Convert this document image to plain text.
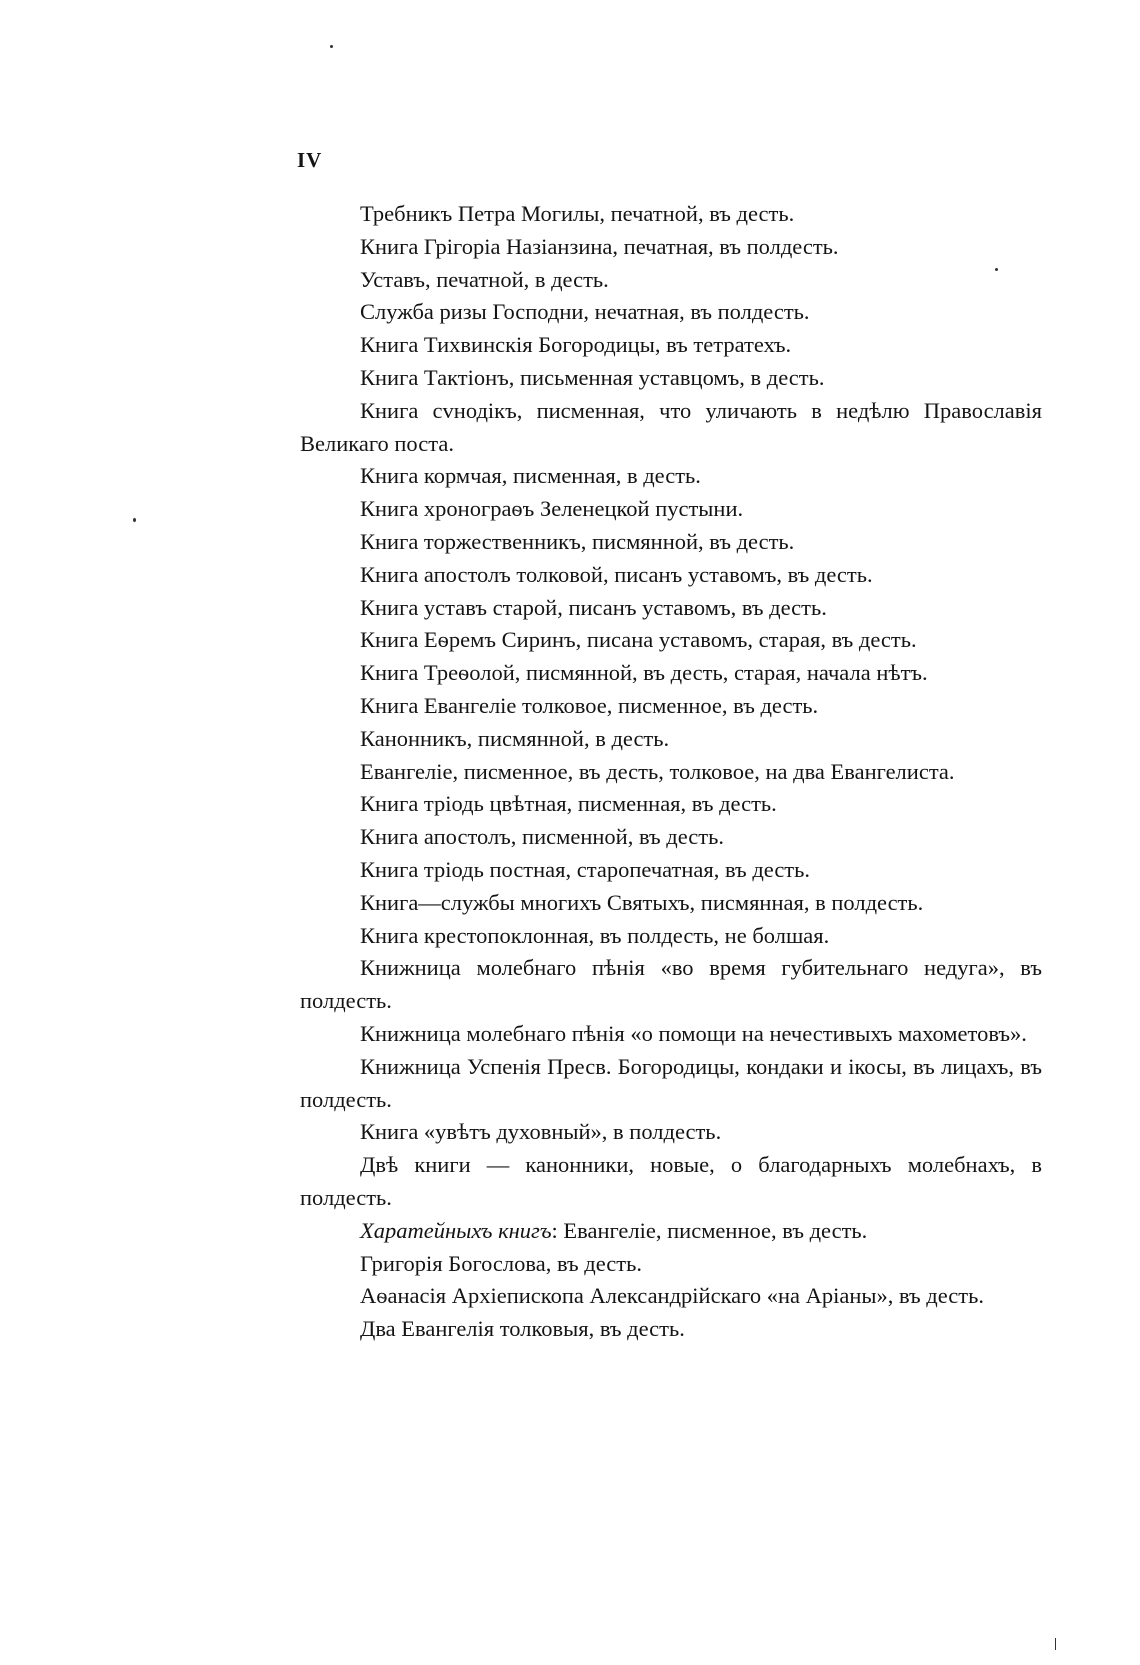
IV

Требникъ Петра Могилы, печатной, въ десть.

Книга Грігоріа Назіанзина, печатная, въ полдесть.

Уставъ, печатной, в десть.

Служба ризы Господни, нечатная, въ полдесть.

Книга Тихвинскія Богородицы, въ тетратехъ.

Книга Тактіонъ, письменная уставцомъ, в десть.

Книга сvнодікъ, писменная, что уличають в недѣлю Православія Великаго поста.

Книга кормчая, писменная, в десть.

Книга хронограѳъ Зеленецкой пустыни.

Книга торжественникъ, писмянной, въ десть.

Книга апостолъ толковой, писанъ уставомъ, въ десть.

Книга уставъ старой, писанъ уставомъ, въ десть.

Книга Еѳремъ Сиринъ, писана уставомъ, старая, въ десть.

Книга Треѳолой, писмянной, въ десть, старая, начала нѣтъ.

Книга Евангеліе толковое, писменное, въ десть.

Канонникъ, писмянной, в десть.

Евангеліе, писменное, въ десть, толковое, на два Евангелиста.

Книга тріодь цвѣтная, писменная, въ десть.

Книга апостолъ, писменной, въ десть.

Книга тріодь постная, старопечатная, въ десть.

Книга—службы многихъ Святыхъ, писмянная, в полдесть.

Книга крестопоклонная, въ полдесть, не болшая.

Книжница молебнаго пѣнія «во время губительнаго недуга», въ полдесть.

Книжница молебнаго пѣнія «о помощи на нечестивыхъ махометовъ».

Книжница Успенія Пресв. Богородицы, кондаки и ікосы, въ лицахъ, въ полдесть.

Книга «увѣтъ духовный», в полдесть.

Двѣ книги — канонники, новые, о благодарныхъ молебнахъ, в полдесть.

Харатейныхъ книгъ: Евангеліе, писменное, въ десть.

Григорія Богослова, въ десть.

Аѳанасія Архіепископа Александрійскаго «на Аріаны», въ десть.

Два Евангелія толковыя, въ десть.
